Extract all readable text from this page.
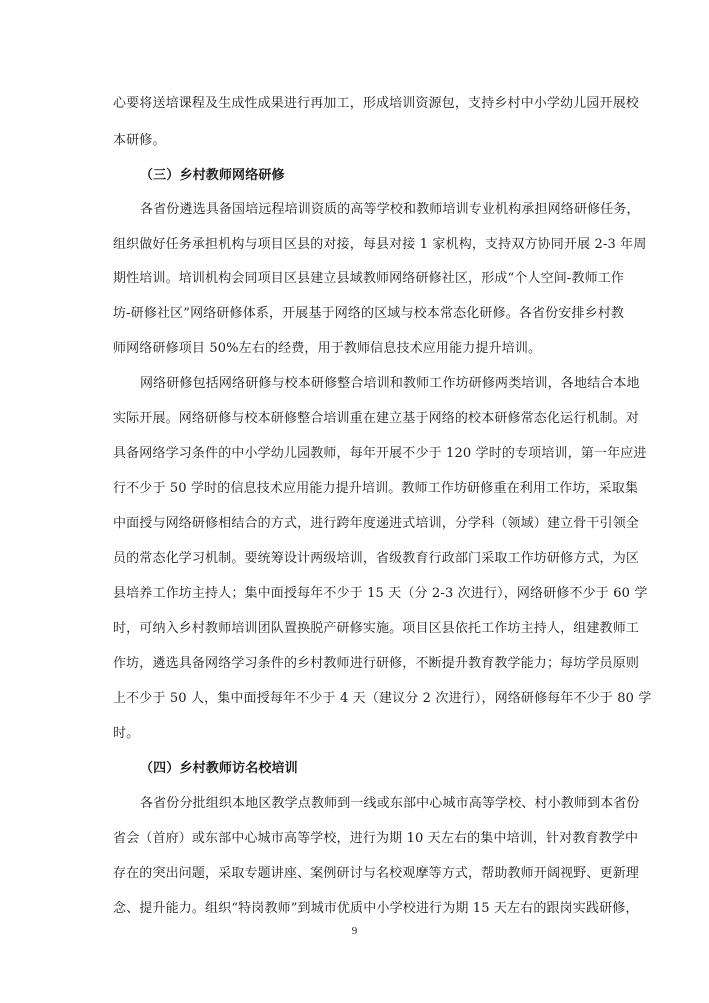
心要将送培课程及生成性成果进行再加工，形成培训资源包，支持乡村中小学幼儿园开展校
本研修。
（三）乡村教师网络研修
各省份遴选具备国培远程培训资质的高等学校和教师培训专业机构承担网络研修任务，
组织做好任务承担机构与项目区县的对接，每县对接 1 家机构，支持双方协同开展 2-3 年周
期性培训。培训机构会同项目区县建立县域教师网络研修社区，形成“个人空间-教师工作
坊-研修社区”网络研修体系，开展基于网络的区域与校本常态化研修。各省份安排乡村教
师网络研修项目 50%左右的经费，用于教师信息技术应用能力提升培训。
网络研修包括网络研修与校本研修整合培训和教师工作坊研修两类培训，各地结合本地
实际开展。网络研修与校本研修整合培训重在建立基于网络的校本研修常态化运行机制。对
具备网络学习条件的中小学幼儿园教师，每年开展不少于 120 学时的专项培训，第一年应进
行不少于 50 学时的信息技术应用能力提升培训。教师工作坊研修重在利用工作坊，采取集
中面授与网络研修相结合的方式，进行跨年度递进式培训，分学科（领域）建立骨干引领全
员的常态化学习机制。要统筹设计两级培训，省级教育行政部门采取工作坊研修方式，为区
县培养工作坊主持人；集中面授每年不少于 15 天（分 2-3 次进行），网络研修不少于 60 学
时，可纳入乡村教师培训团队置换脱产研修实施。项目区县依托工作坊主持人，组建教师工
作坊，遴选具备网络学习条件的乡村教师进行研修，不断提升教育教学能力；每坊学员原则
上不少于 50 人，集中面授每年不少于 4 天（建议分 2 次进行），网络研修每年不少于 80 学
时。
（四）乡村教师访名校培训
各省份分批组织本地区教学点教师到一线或东部中心城市高等学校、村小教师到本省份
省会（首府）或东部中心城市高等学校，进行为期 10 天左右的集中培训，针对教育教学中
存在的突出问题，采取专题讲座、案例研讨与名校观摩等方式，帮助教师开阔视野、更新理
念、提升能力。组织“特岗教师”到城市优质中小学校进行为期 15 天左右的跟岗实践研修，
9
